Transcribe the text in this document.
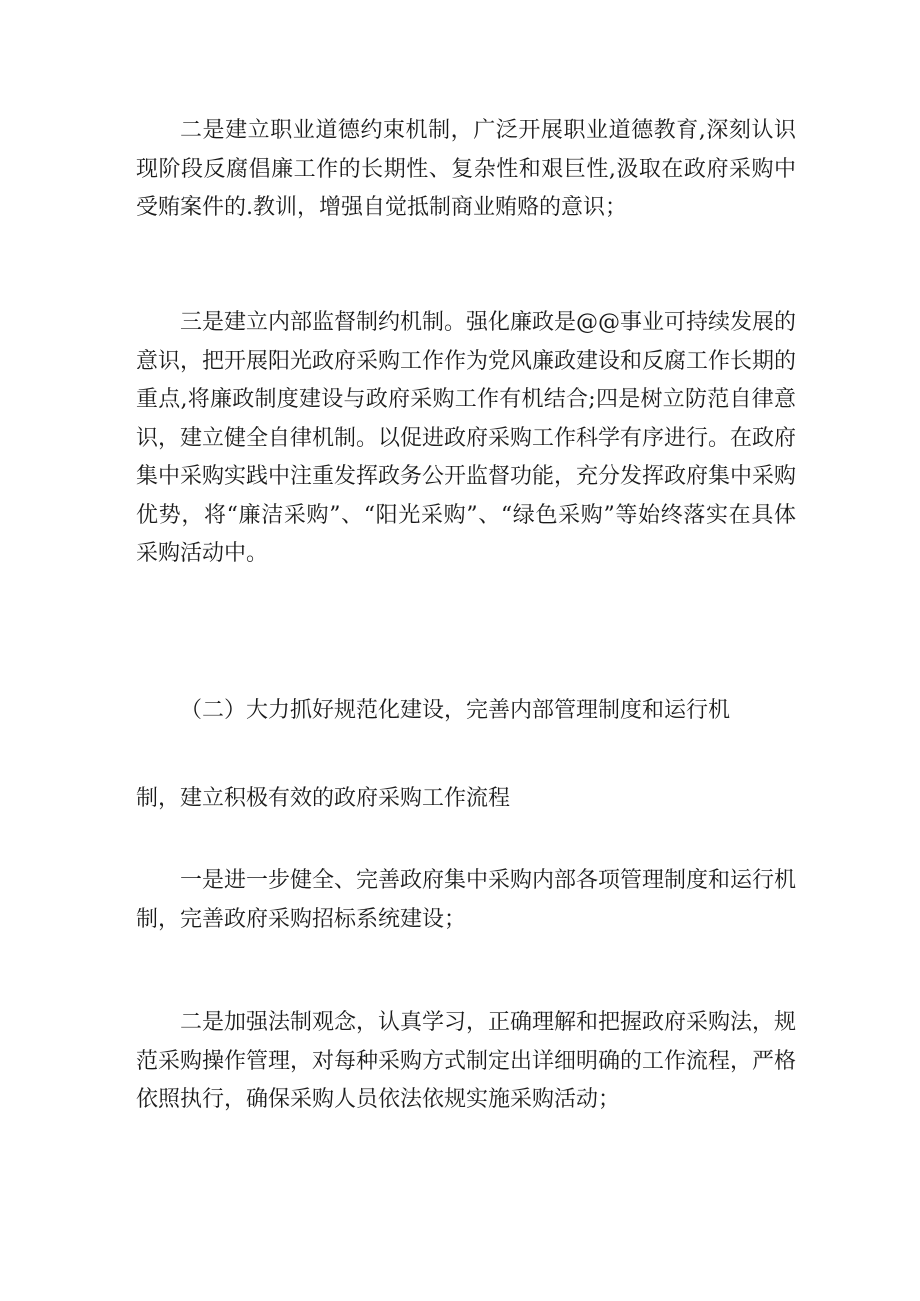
二是建立职业道德约束机制，广泛开展职业道德教育,深刻认识现阶段反腐倡廉工作的长期性、复杂性和艰巨性,汲取在政府采购中受贿案件的.教训，增强自觉抵制商业贿赂的意识；

三是建立内部监督制约机制。强化廉政是@@事业可持续发展的意识，把开展阳光政府采购工作作为党风廉政建设和反腐工作长期的重点,将廉政制度建设与政府采购工作有机结合;四是树立防范自律意识，建立健全自律机制。以促进政府采购工作科学有序进行。在政府集中采购实践中注重发挥政务公开监督功能，充分发挥政府集中采购优势，将“廉洁采购”、“阳光采购”、“绿色采购”等始终落实在具体采购活动中。

（二）大力抓好规范化建设，完善内部管理制度和运行机

制，建立积极有效的政府采购工作流程

一是进一步健全、完善政府集中采购内部各项管理制度和运行机制，完善政府采购招标系统建设；

二是加强法制观念，认真学习，正确理解和把握政府采购法，规范采购操作管理，对每种采购方式制定出详细明确的工作流程，严格依照执行，确保采购人员依法依规实施采购活动；
